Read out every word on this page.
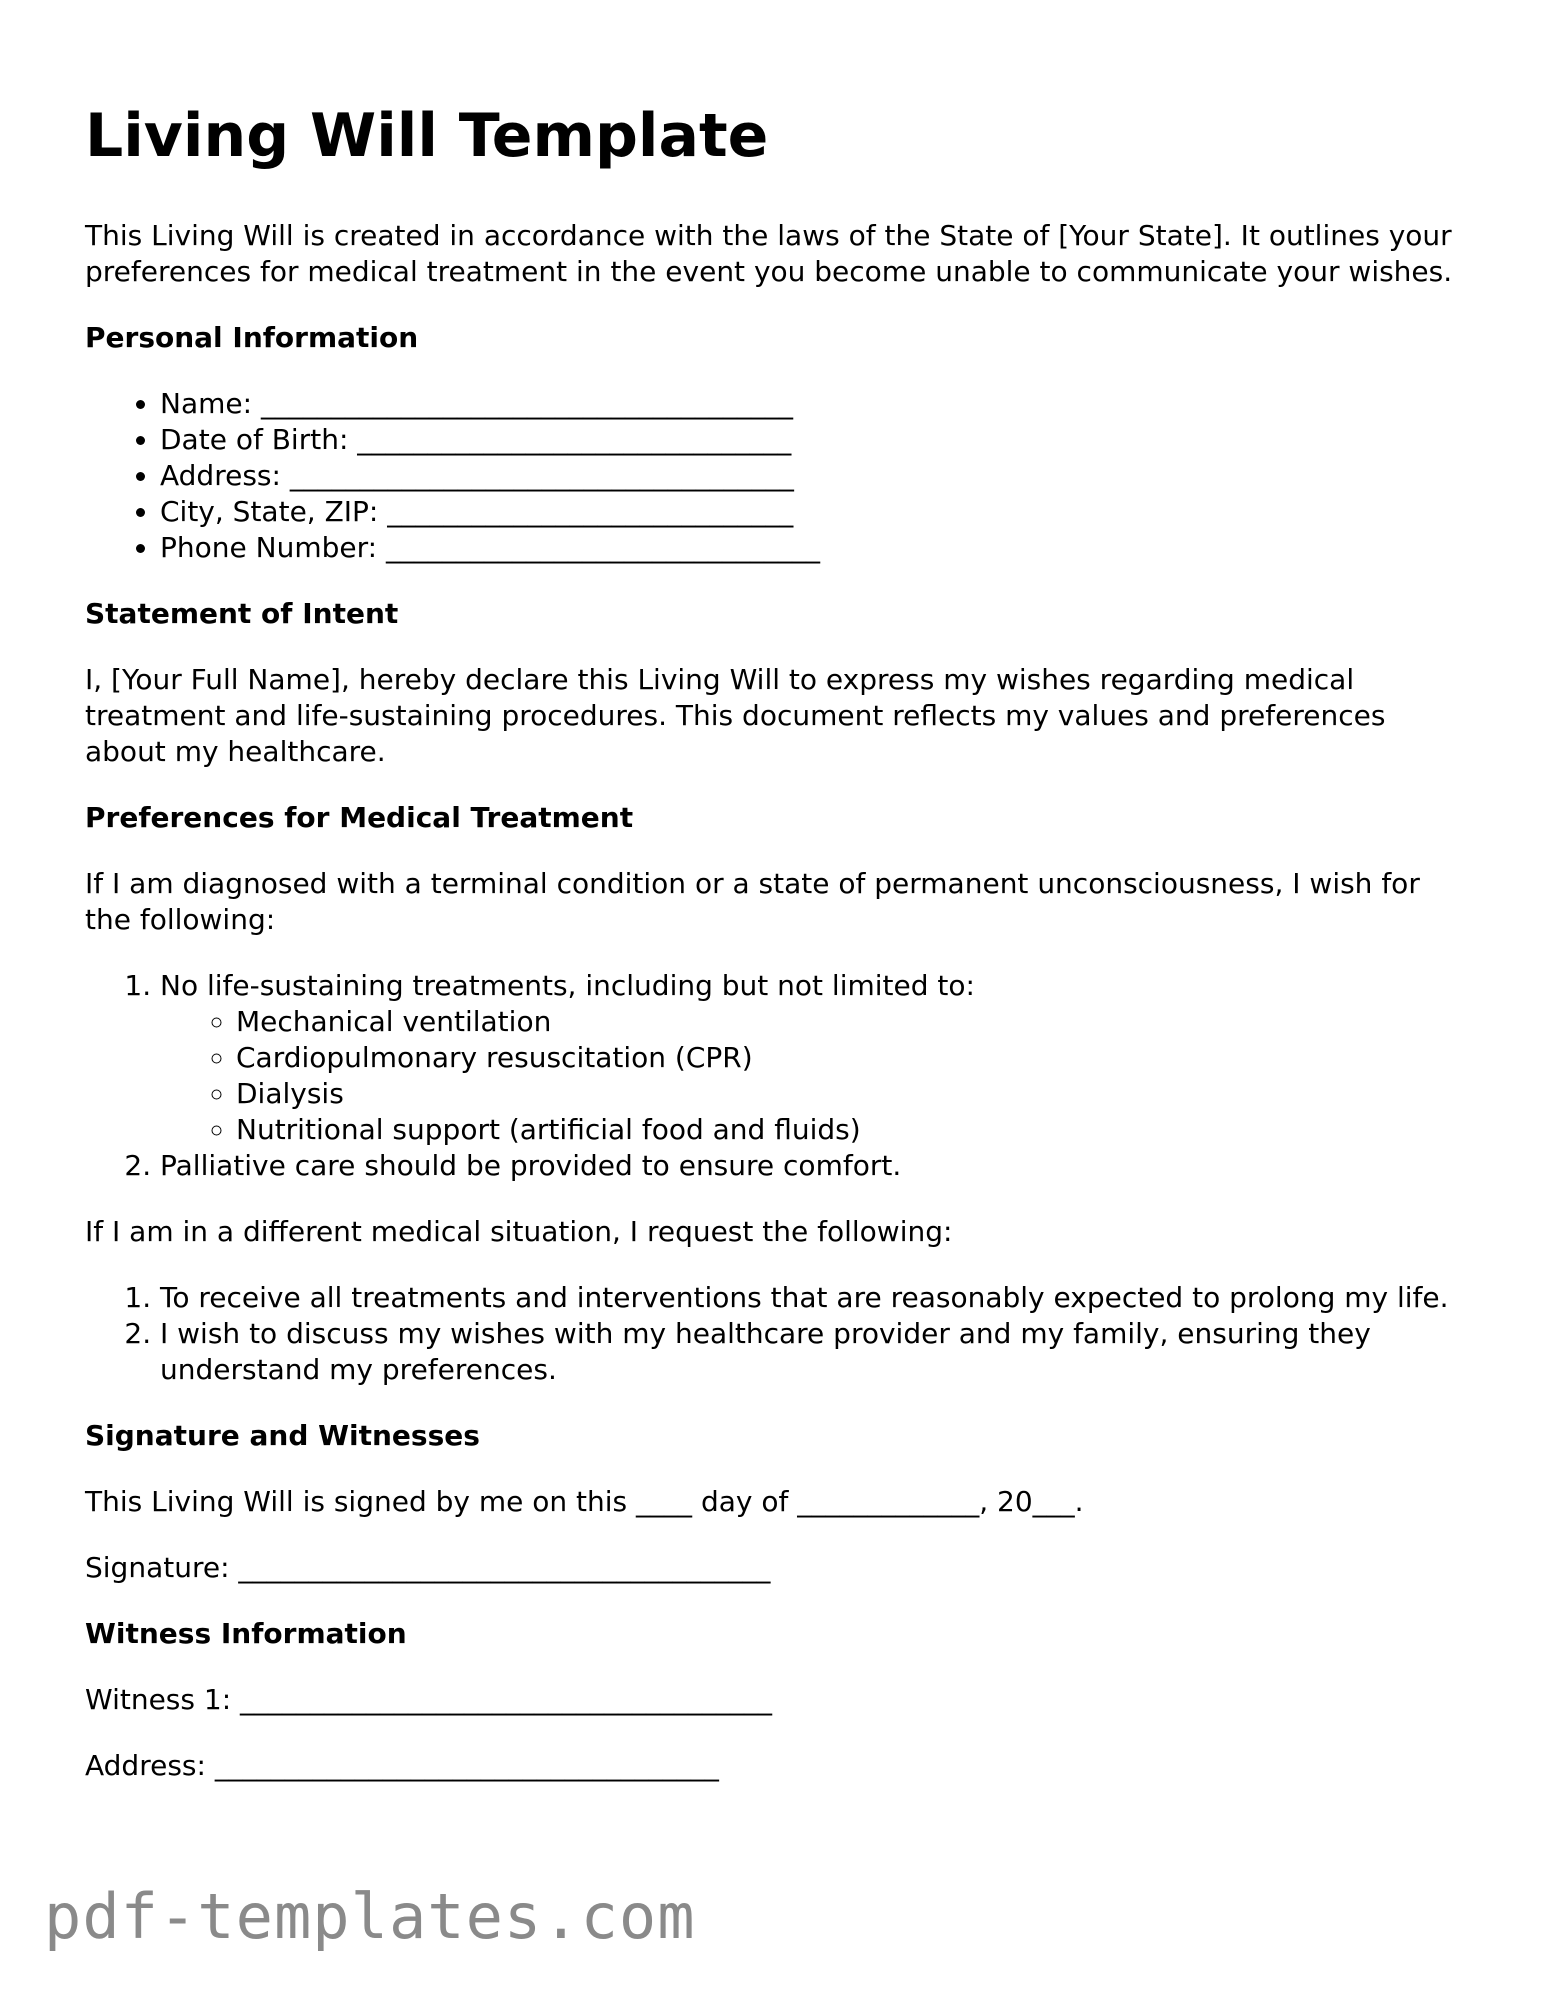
Living Will Template

This Living Will is created in accordance with the laws of the State of [Your State]. It outlines your preferences for medical treatment in the event you become unable to communicate your wishes.

Personal Information
• Name: ______________________________________
• Date of Birth: _______________________________
• Address: ____________________________________
• City, State, ZIP: _____________________________
• Phone Number: _______________________________
Statement of Intent

I, [Your Full Name], hereby declare this Living Will to express my wishes regarding medical treatment and life-sustaining procedures. This document reflects my values and preferences about my healthcare.

Preferences for Medical Treatment

If I am diagnosed with a terminal condition or a state of permanent unconsciousness, I wish for the following:

1. No life-sustaining treatments, including but not limited to:
◦ Mechanical ventilation
◦ Cardiopulmonary resuscitation (CPR)
◦ Dialysis
◦ Nutritional support (artificial food and fluids)
2. Palliative care should be provided to ensure comfort.

If I am in a different medical situation, I request the following:

1. To receive all treatments and interventions that are reasonably expected to prolong my life.
2. I wish to discuss my wishes with my healthcare provider and my family, ensuring they understand my preferences.
Signature and Witnesses

This Living Will is signed by me on this ____ day of _____________, 20___.

Signature: ______________________________________

Witness Information

Witness 1: ______________________________________

Address: ____________________________________

pdf-templates.com
